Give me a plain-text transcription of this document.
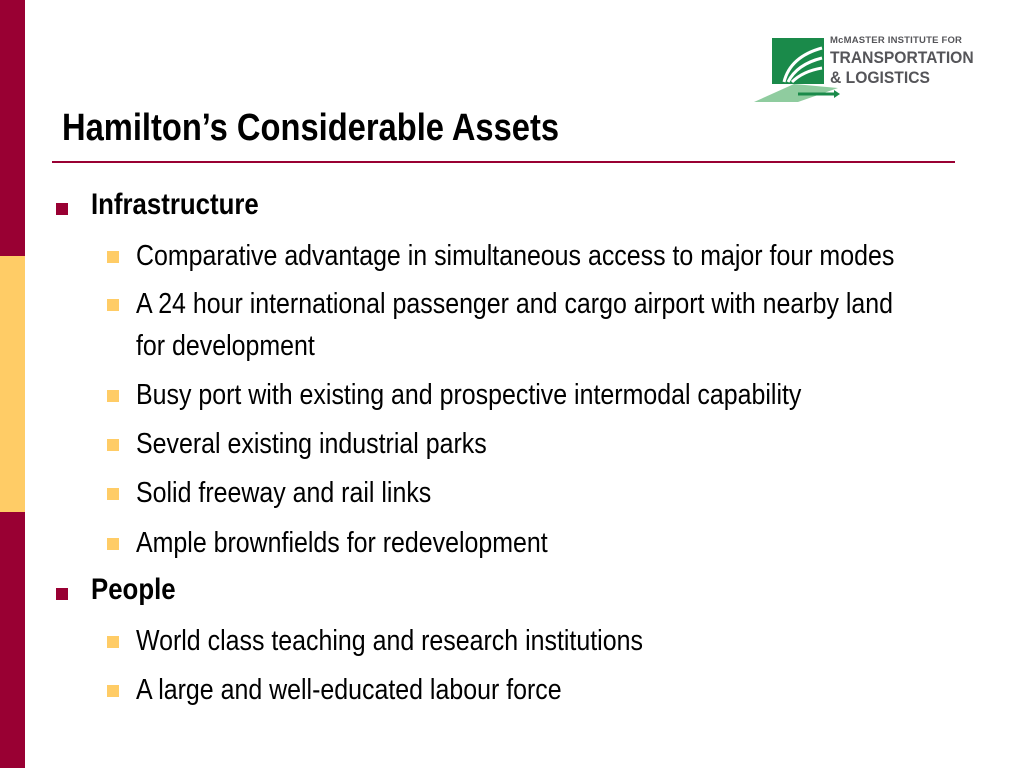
McMASTER INSTITUTE FOR
TRANSPORTATION
& LOGISTICS
Hamilton’s Considerable Assets
Infrastructure
Comparative advantage in simultaneous access to major four modes
A 24 hour international passenger and cargo airport with nearby land
for development
Busy port with existing and prospective intermodal capability
Several existing industrial parks
Solid freeway and rail links
Ample brownfields for redevelopment
People
World class teaching and research institutions
A large and well-educated labour force
